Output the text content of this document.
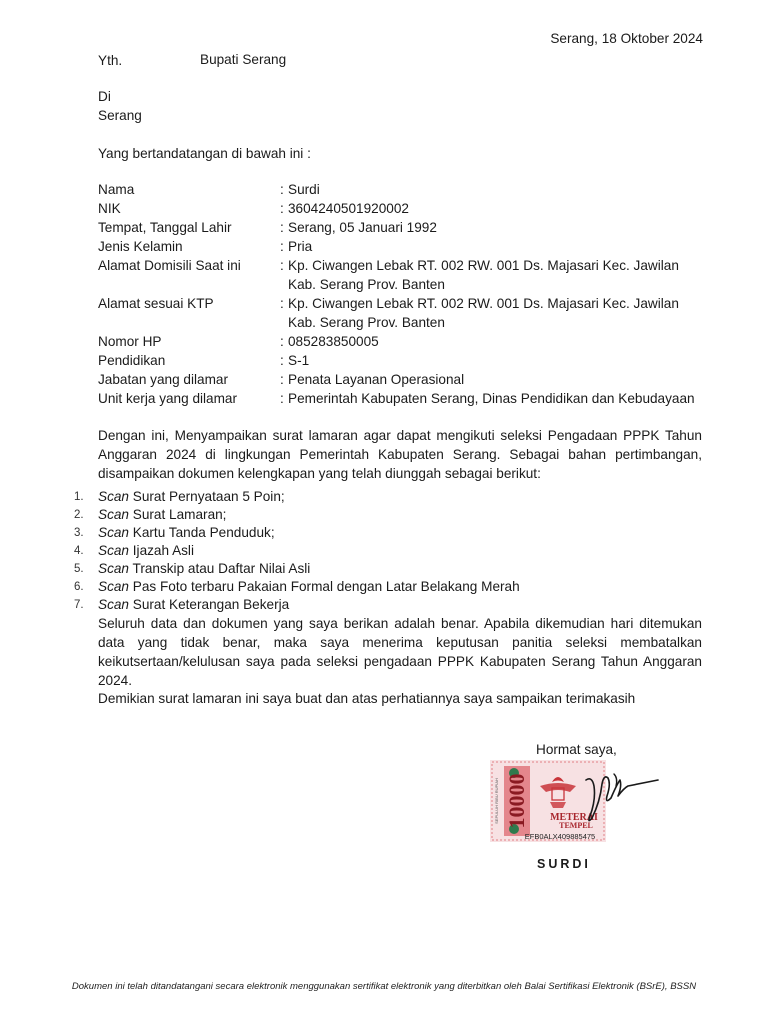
Serang, 18 Oktober 2024
Yth.	Bupati Serang
Di
Serang
Yang bertandatangan di bawah ini :
Nama	: Surdi
NIK	: 3604240501920002
Tempat, Tanggal Lahir	: Serang, 05 Januari 1992
Jenis Kelamin	: Pria
Alamat Domisili Saat ini	: Kp. Ciwangen Lebak RT. 002 RW. 001 Ds. Majasari Kec. Jawilan
Kab. Serang Prov. Banten

Alamat sesuai KTP	: Kp. Ciwangen Lebak RT. 002 RW. 001 Ds. Majasari Kec. Jawilan
Kab. Serang Prov. Banten

Nomor HP	: 085283850005
Pendidikan	: S-1
Jabatan yang dilamar	: Penata Layanan Operasional
Unit kerja yang dilamar	: Pemerintah Kabupaten Serang, Dinas Pendidikan dan Kebudayaan
Dengan ini, Menyampaikan surat lamaran agar dapat mengikuti seleksi Pengadaan PPPK Tahun Anggaran 2024 di lingkungan Pemerintah Kabupaten Serang. Sebagai bahan pertimbangan, disampaikan dokumen kelengkapan yang telah diunggah sebagai berikut:
1. Scan Surat Pernyataan 5 Poin;
2. Scan Surat Lamaran;
3. Scan Kartu Tanda Penduduk;
4. Scan Ijazah Asli
5. Scan Transkip atau Daftar Nilai Asli
6. Scan Pas Foto terbaru Pakaian Formal dengan Latar Belakang Merah
7. Scan Surat Keterangan Bekerja
Seluruh data dan dokumen yang saya berikan adalah benar. Apabila dikemudian hari ditemukan data yang tidak benar, maka saya menerima keputusan panitia seleksi membatalkan keikutsertaan/kelulusan saya pada seleksi pengadaan PPPK Kabupaten Serang Tahun Anggaran 2024.
Demikian surat lamaran ini saya buat dan atas perhatiannya saya sampaikan terimakasih
Hormat saya,
10000
SEPULUH RIBU RUPIAH	METERAI
TEMPEL
EFB0ALX409885475
SURDI
Dokumen ini telah ditandatangani secara elektronik menggunakan sertifikat elektronik yang diterbitkan oleh Balai Sertifikasi Elektronik (BSrE), BSSN
